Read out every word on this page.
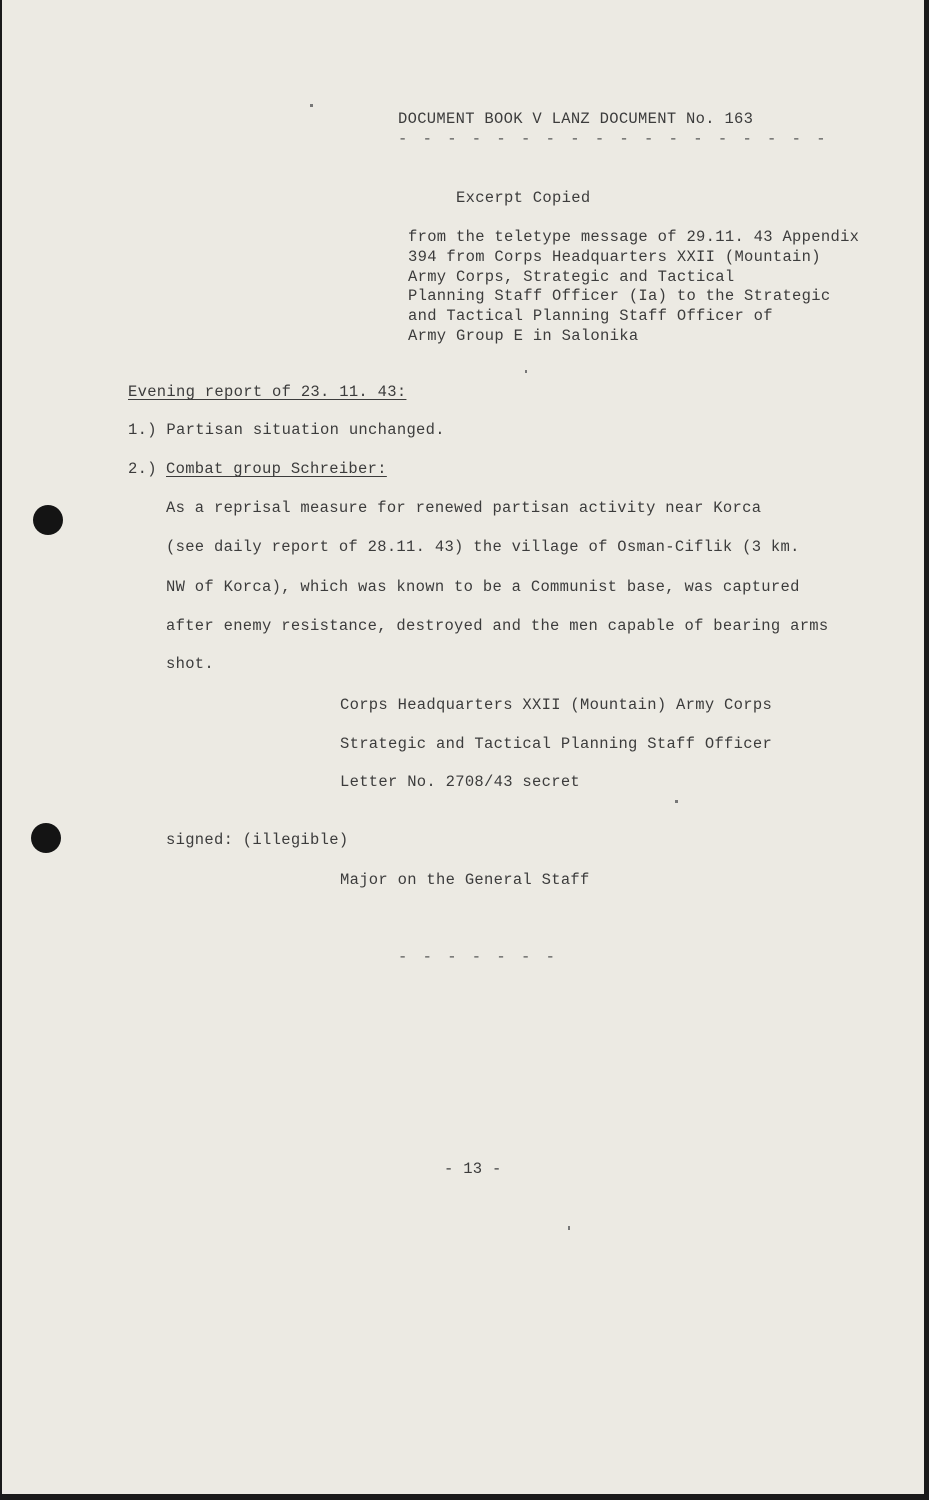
DOCUMENT BOOK V LANZ DOCUMENT No. 163
- - - - - - - - - - - - - - - - - -
Excerpt Copied
from the teletype message of 29.11. 43 Appendix
394 from Corps Headquarters XXII (Mountain)
Army Corps, Strategic and Tactical
Planning Staff Officer (Ia) to the Strategic
and Tactical Planning Staff Officer of
Army Group E in Salonika
Evening report of 23. 11. 43:
1.) Partisan situation unchanged.
2.) Combat group Schreiber:
As a reprisal measure for renewed partisan activity near Korca
(see daily report of 28.11. 43) the village of Osman-Ciflik (3 km.
NW of Korca), which was known to be a Communist base, was captured
after enemy resistance, destroyed and the men capable of bearing arms
shot.
Corps Headquarters XXII (Mountain) Army Corps
Strategic and Tactical Planning Staff Officer
Letter No. 2708/43 secret
signed: (illegible)
Major on the General Staff
- - - - - - -
- 13 -
